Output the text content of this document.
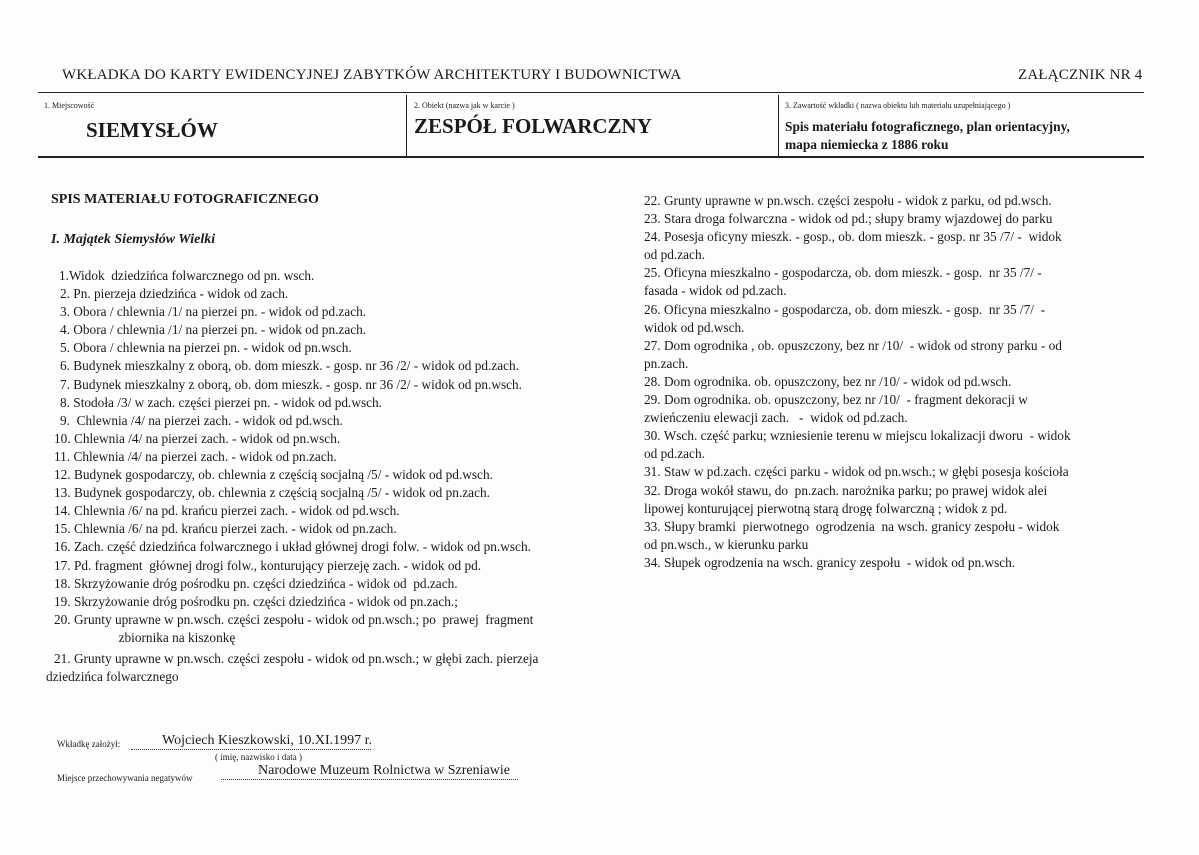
WKŁADKA DO KARTY EWIDENCYJNEJ ZABYTKÓW ARCHITEKTURY I BUDOWNICTWA	ZAŁĄCZNIK NR 4
1. Miejscowość
SIEMYSŁÓW
2. Obiekt (nazwa jak w karcie )
ZESPÓŁ FOLWARCZNY
3. Zawartość wkładki ( nazwa obiektu lub materiału uzupełniającego )
Spis materiału fotograficznego, plan orientacyjny,
mapa niemiecka z 1886 roku
SPIS MATERIAŁU FOTOGRAFICZNEGO
I. Majątek Siemysłów Wielki
1.Widok  dziedzińca folwarcznego od pn. wsch.
2. Pn. pierzeja dziedzińca - widok od zach.
3. Obora / chlewnia /1/ na pierzei pn. - widok od pd.zach.
4. Obora / chlewnia /1/ na pierzei pn. - widok od pn.zach.
5. Obora / chlewnia na pierzei pn. - widok od pn.wsch.
6. Budynek mieszkalny z oborą, ob. dom mieszk. - gosp. nr 36 /2/ - widok od pd.zach.
7. Budynek mieszkalny z oborą, ob. dom mieszk. - gosp. nr 36 /2/ - widok od pn.wsch.
8. Stodoła /3/ w zach. części pierzei pn. - widok od pd.wsch.
9.  Chlewnia /4/ na pierzei zach. - widok od pd.wsch.
10. Chlewnia /4/ na pierzei zach. - widok od pn.wsch.
11. Chlewnia /4/ na pierzei zach. - widok od pn.zach.
12. Budynek gospodarczy, ob. chlewnia z częścią socjalną /5/ - widok od pd.wsch.
13. Budynek gospodarczy, ob. chlewnia z częścią socjalną /5/ - widok od pn.zach.
14. Chlewnia /6/ na pd. krańcu pierzei zach. - widok od pd.wsch.
15. Chlewnia /6/ na pd. krańcu pierzei zach. - widok od pn.zach.
16. Zach. część dziedzińca folwarcznego i układ głównej drogi folw. - widok od pn.wsch.
17. Pd. fragment  głównej drogi folw., konturujący pierzeję zach. - widok od pd.
18. Skrzyżowanie dróg pośrodku pn. części dziedzińca - widok od  pd.zach.
19. Skrzyżowanie dróg pośrodku pn. części dziedzińca - widok od pn.zach.;
20. Grunty uprawne w pn.wsch. części zespołu - widok od pn.wsch.; po  prawej  fragment
zbiornika na kiszonkę
21. Grunty uprawne w pn.wsch. części zespołu - widok od pn.wsch.; w głębi zach. pierzeja
dziedzińca folwarcznego
22. Grunty uprawne w pn.wsch. części zespołu - widok z parku, od pd.wsch.
23. Stara droga folwarczna - widok od pd.; słupy bramy wjazdowej do parku
24. Posesja oficyny mieszk. - gosp., ob. dom mieszk. - gosp. nr 35 /7/ -  widok
od pd.zach.
25. Oficyna mieszkalno - gospodarcza, ob. dom mieszk. - gosp.  nr 35 /7/ -
fasada - widok od pd.zach.
26. Oficyna mieszkalno - gospodarcza, ob. dom mieszk. - gosp.  nr 35 /7/  -
widok od pd.wsch.
27. Dom ogrodnika , ob. opuszczony, bez nr /10/  - widok od strony parku - od
pn.zach.
28. Dom ogrodnika. ob. opuszczony, bez nr /10/ - widok od pd.wsch.
29. Dom ogrodnika. ob. opuszczony, bez nr /10/  - fragment dekoracji w
zwieńczeniu elewacji zach.   -  widok od pd.zach.
30. Wsch. część parku; wzniesienie terenu w miejscu lokalizacji dworu  - widok
od pd.zach.
31. Staw w pd.zach. części parku - widok od pn.wsch.; w głębi posesja kościoła
32. Droga wokół stawu, do  pn.zach. narożnika parku; po prawej widok alei
lipowej konturującej pierwotną starą drogę folwarczną ; widok z pd.
33. Słupy bramki  pierwotnego  ogrodzenia  na wsch. granicy zespołu - widok
od pn.wsch., w kierunku parku
34. Słupek ogrodzenia na wsch. granicy zespołu  - widok od pn.wsch.
Wkładkę założył:	Wojciech Kieszkowski, 10.XI.1997 r.
( imię, nazwisko i data )
Miejsce przechowywania negatywów	Narodowe Muzeum Rolnictwa w Szreniawie
